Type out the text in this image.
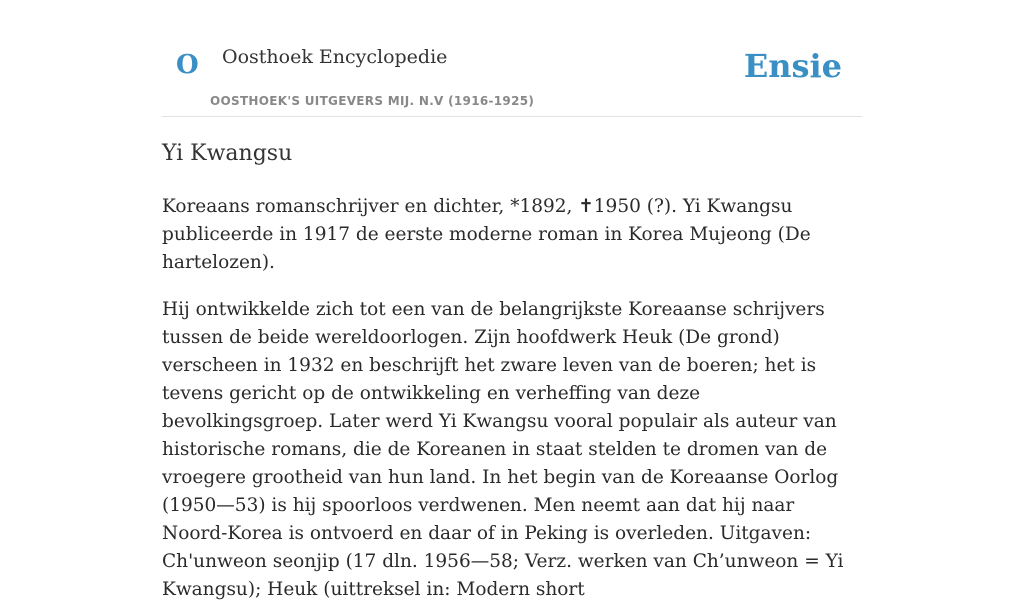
O Oosthoek Encyclopedie
OOSTHOEK'S UITGEVERS MIJ. N.V (1916-1925)
Ensie
Yi Kwangsu

Koreaans romanschrijver en dichter, *1892, ✝1950 (?). Yi Kwangsu publiceerde in 1917 de eerste moderne roman in Korea Mujeong (De hartelozen).

Hij ontwikkelde zich tot een van de belangrijkste Koreaanse schrijvers tussen de beide wereldoorlogen. Zijn hoofdwerk Heuk (De grond) verscheen in 1932 en beschrijft het zware leven van de boeren; het is tevens gericht op de ontwikkeling en verheffing van deze bevolkingsgroep. Later werd Yi Kwangsu vooral populair als auteur van historische romans, die de Koreanen in staat stelden te dromen van de vroegere grootheid van hun land. In het begin van de Koreaanse Oorlog (1950—53) is hij spoorloos verdwenen. Men neemt aan dat hij naar Noord-Korea is ontvoerd en daar of in Peking is overleden. Uitgaven: Ch'unweon seonjip (17 dln. 1956—58; Verz. werken van Ch’unweon = Yi Kwangsu); Heuk (uittreksel in: Modern short
